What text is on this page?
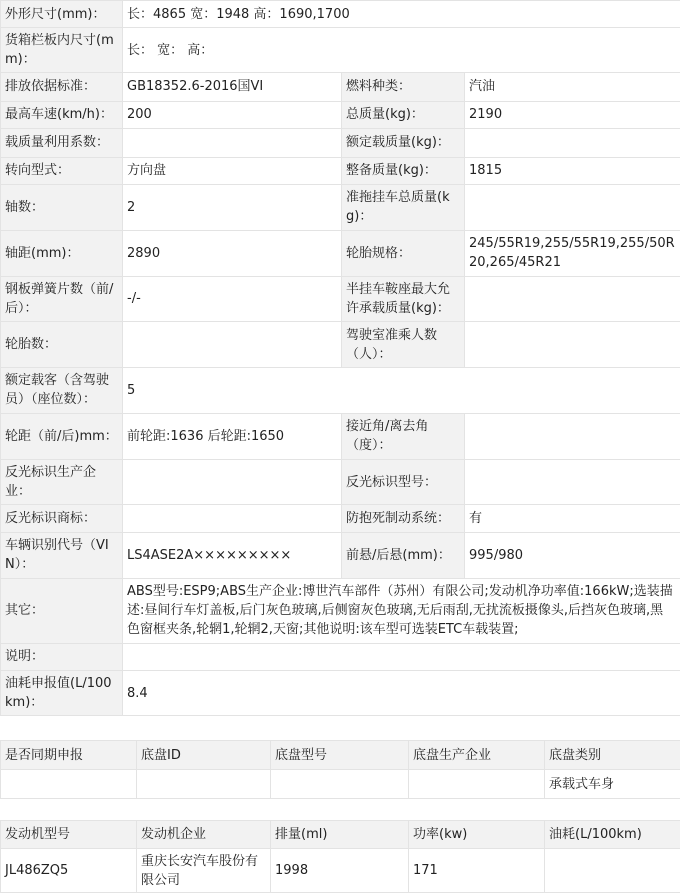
外形尺寸(mm)：	长：4865 宽：1948 高：1690,1700		
货箱栏板内尺寸(mm)：	长： 宽： 高：		
排放依据标准：	GB18352.6-2016国VI	燃料种类：	汽油
最高车速(km/h)：	200	总质量(kg)：	2190
载质量利用系数：		额定载质量(kg)：	
转向型式：	方向盘	整备质量(kg)：	1815
轴数：	2	准拖挂车总质量(kg)：	
轴距(mm)：	2890	轮胎规格：	245/55R19,255/55R19,255/50R20,265/45R21
钢板弹簧片数（前/后）：	-/-	半挂车鞍座最大允许承载质量(kg)：	
轮胎数：		驾驶室准乘人数（人）：	
额定载客（含驾驶员）（座位数）：	5		
轮距（前/后)mm：	前轮距:1636 后轮距:1650	接近角/离去角（度）：	
反光标识生产企业：		反光标识型号：	
反光标识商标：		防抱死制动系统：	有
车辆识别代号（VIN）：	LS4ASE2A×××××××××	前悬/后悬(mm)：	995/980
其它：	ABS型号:ESP9;ABS生产企业:博世汽车部件（苏州）有限公司;发动机净功率值:166kW;选装描述:昼间行车灯盖板,后门灰色玻璃,后侧窗灰色玻璃,无后雨刮,无扰流板摄像头,后挡灰色玻璃,黑色窗框夹条,轮辋1,轮辋2,天窗;其他说明:该车型可选装ETC车载装置;		
说明：			
油耗申报值(L/100km)：	8.4		
是否同期申报	底盘ID	底盘型号	底盘生产企业	底盘类别
				承载式车身
发动机型号	发动机企业	排量(ml)	功率(kw)	油耗(L/100km)
JL486ZQ5	重庆长安汽车股份有限公司	1998	171	
